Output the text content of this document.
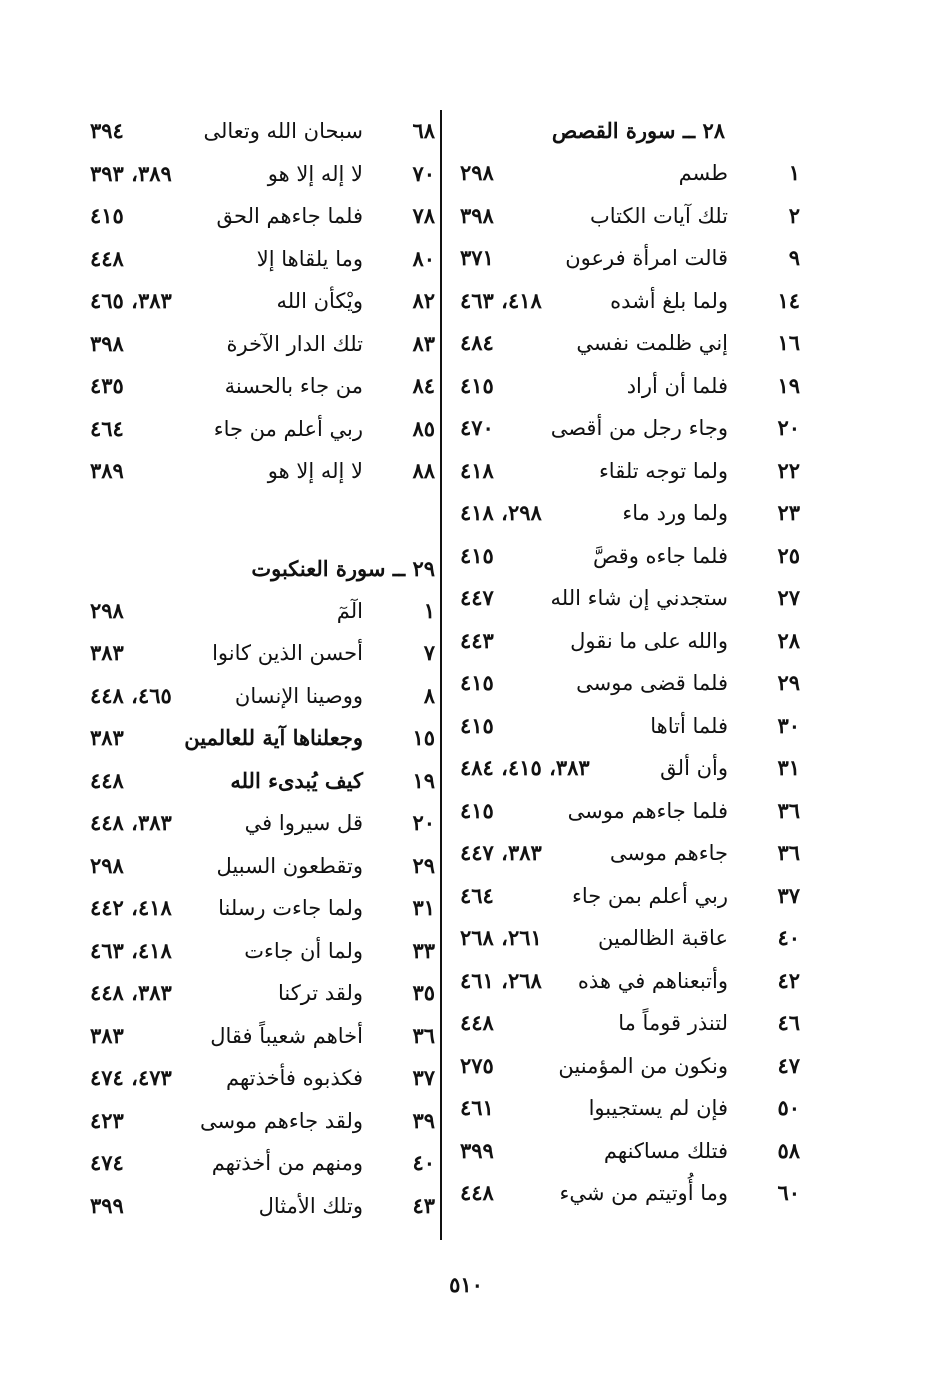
٢٨ ــ سورة القصص
١
طسم
٢٩٨
٢
تلك آيات الكتاب
٣٩٨
٩
قالت امرأة فرعون
٣٧١
١٤
ولما بلغ أشده
٤١٨، ٤٦٣
١٦
إني ظلمت نفسي
٤٨٤
١٩
فلما أن أراد
٤١٥
٢٠
وجاء رجل من أقصى
٤٧٠
٢٢
ولما توجه تلقاء
٤١٨
٢٣
ولما ورد ماء
٢٩٨، ٤١٨
٢٥
فلما جاءه وقصَّ
٤١٥
٢٧
ستجدني إن شاء الله
٤٤٧
٢٨
والله على ما نقول
٤٤٣
٢٩
فلما قضى موسى
٤١٥
٣٠
فلما أتاها
٤١٥
٣١
وأن ألق
٣٨٣، ٤١٥، ٤٨٤
٣٦
فلما جاءهم موسى
٤١٥
٣٦
جاءهم موسى
٣٨٣، ٤٤٧
٣٧
ربي أعلم بمن جاء
٤٦٤
٤٠
عاقبة الظالمين
٢٦١، ٢٦٨
٤٢
وأتبعناهم في هذه
٢٦٨، ٤٦١
٤٦
لتنذر قوماً ما
٤٤٨
٤٧
ونكون من المؤمنين
٢٧٥
٥٠
فإن لم يستجيبوا
٤٦١
٥٨
فتلك مساكنهم
٣٩٩
٦٠
وما أُوتيتم من شيء
٤٤٨
٦٨
سبحان الله وتعالى
٣٩٤
٧٠
لا إله إلا هو
٣٨٩، ٣٩٣
٧٨
فلما جاءهم الحق
٤١٥
٨٠
وما يلقاها إلا
٤٤٨
٨٢
ويْكأن الله
٣٨٣، ٤٦٥
٨٣
تلك الدار الآخرة
٣٩٨
٨٤
من جاء بالحسنة
٤٣٥
٨٥
ربي أعلم من جاء
٤٦٤
٨٨
لا إله إلا هو
٣٨٩
٢٩ ــ سورة العنكبوت
١
الٓمٓ
٢٩٨
٧
أحسن الذين كانوا
٣٨٣
٨
ووصينا الإنسان
٤٦٥، ٤٤٨
١٥
وجعلناها آية للعالمين
٣٨٣
١٩
كيف يُبدىء الله
٤٤٨
٢٠
قل سيروا في
٣٨٣، ٤٤٨
٢٩
وتقطعون السبيل
٢٩٨
٣١
ولما جاءت رسلنا
٤١٨، ٤٤٢
٣٣
ولما أن جاءت
٤١٨، ٤٦٣
٣٥
ولقد تركنا
٣٨٣، ٤٤٨
٣٦
أخاهم شعيباً فقال
٣٨٣
٣٧
فكذبوه فأخذتهم
٤٧٣، ٤٧٤
٣٩
ولقد جاءهم موسى
٤٢٣
٤٠
ومنهم من أخذتهم
٤٧٤
٤٣
وتلك الأمثال
٣٩٩
٥١٠
